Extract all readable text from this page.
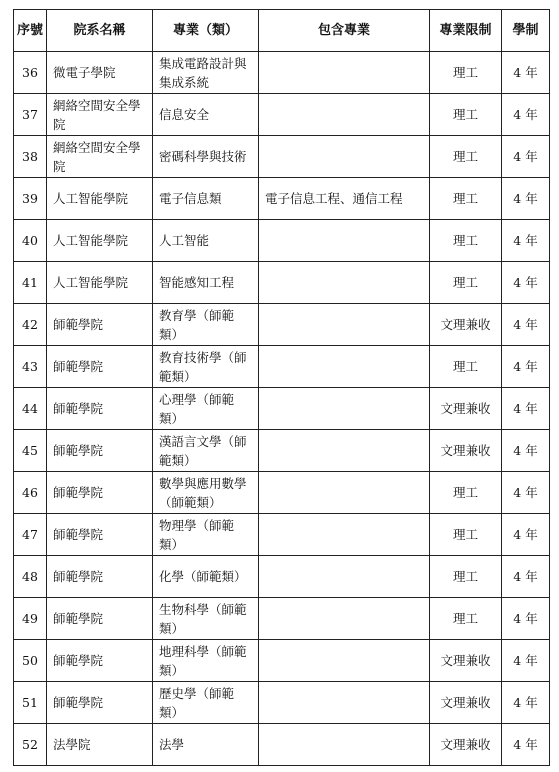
序號	院系名稱	專業（類）	包含專業	專業限制	學制
36	微電子學院	集成電路設計與集成系統		理工	4 年
37	網絡空間安全學院	信息安全		理工	4 年
38	網絡空間安全學院	密碼科學與技術		理工	4 年
39	人工智能學院	電子信息類	電子信息工程、通信工程	理工	4 年
40	人工智能學院	人工智能		理工	4 年
41	人工智能學院	智能感知工程		理工	4 年
42	師範學院	教育學（師範類）		文理兼收	4 年
43	師範學院	教育技術學（師範類）		理工	4 年
44	師範學院	心理學（師範類）		文理兼收	4 年
45	師範學院	漢語言文學（師範類）		文理兼收	4 年
46	師範學院	數學與應用數學（師範類）		理工	4 年
47	師範學院	物理學（師範類）		理工	4 年
48	師範學院	化學（師範類）		理工	4 年
49	師範學院	生物科學（師範類）		理工	4 年
50	師範學院	地理科學（師範類）		文理兼收	4 年
51	師範學院	歷史學（師範類）		文理兼收	4 年
52	法學院	法學		文理兼收	4 年
